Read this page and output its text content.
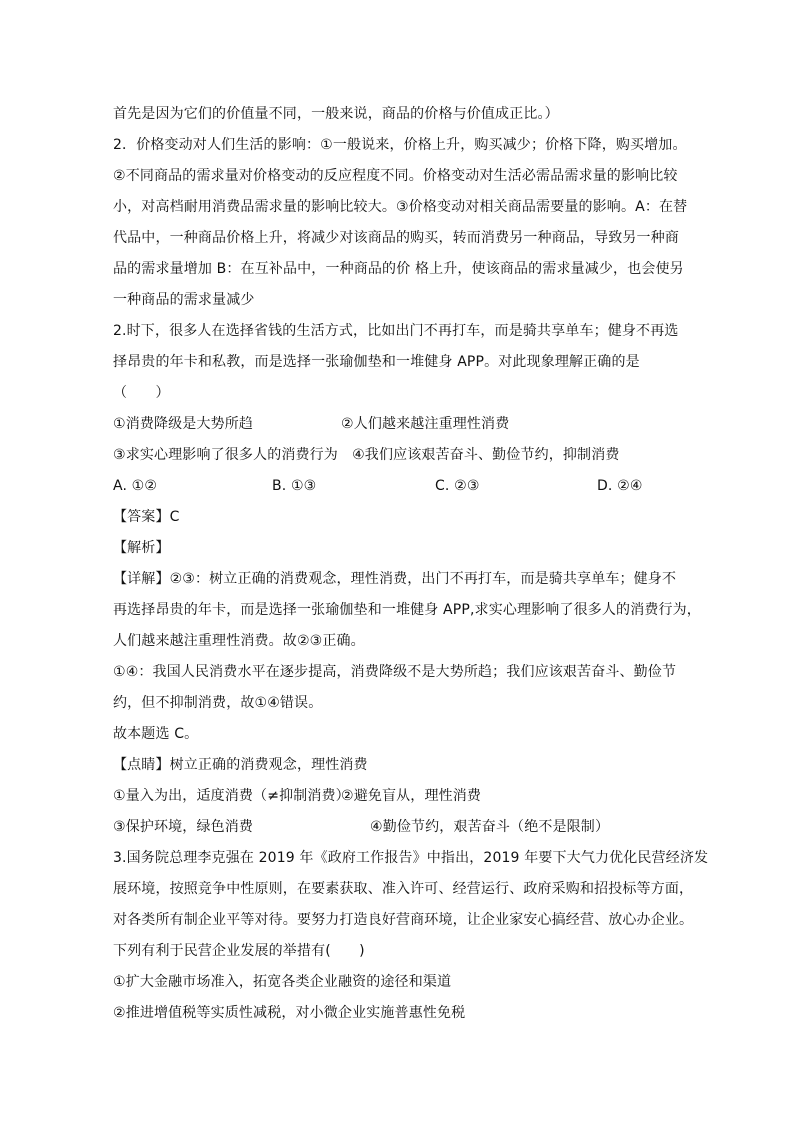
首先是因为它们的价值量不同，一般来说，商品的价格与价值成正比。）
2．价格变动对人们生活的影响：①一般说来，价格上升，购买减少；价格下降，购买增加。
②不同商品的需求量对价格变动的反应程度不同。价格变动对生活必需品需求量的影响比较
小，对高档耐用消费品需求量的影响比较大。③价格变动对相关商品需要量的影响。A：在替
代品中，一种商品价格上升，将减少对该商品的购买，转而消费另一种商品，导致另一种商
品的需求量增加 B：在互补品中，一种商品的价 格上升，使该商品的需求量减少，也会使另
一种商品的需求量减少
2.时下，很多人在选择省钱的生活方式，比如出门不再打车，而是骑共享单车；健身不再选
择昂贵的年卡和私教，而是选择一张瑜伽垫和一堆健身 APP。对此现象理解正确的是
（　　）
①消费降级是大势所趋	②人们越来越注重理性消费
③求实心理影响了很多人的消费行为　④我们应该艰苦奋斗、勤俭节约，抑制消费
A. ①②	B. ①③	C. ②③	D. ②④
【答案】C
【解析】
【详解】②③：树立正确的消费观念，理性消费，出门不再打车，而是骑共享单车；健身不
再选择昂贵的年卡，而是选择一张瑜伽垫和一堆健身 APP,求实心理影响了很多人的消费行为，
人们越来越注重理性消费。故②③正确。
①④：我国人民消费水平在逐步提高，消费降级不是大势所趋；我们应该艰苦奋斗、勤俭节
约，但不抑制消费，故①④错误。
故本题选 C。
【点睛】树立正确的消费观念，理性消费
①量入为出，适度消费（≠抑制消费）②避免盲从，理性消费
③保护环境，绿色消费	④勤俭节约，艰苦奋斗（绝不是限制）
3.国务院总理李克强在 2019 年《政府工作报告》中指出，2019 年要下大气力优化民营经济发
展环境，按照竞争中性原则，在要素获取、准入许可、经营运行、政府采购和招投标等方面，
对各类所有制企业平等对待。要努力打造良好营商环境，让企业家安心搞经营、放心办企业。
下列有利于民营企业发展的举措有(　　)
①扩大金融市场准入，拓宽各类企业融资的途径和渠道
②推进增值税等实质性减税，对小微企业实施普惠性免税
